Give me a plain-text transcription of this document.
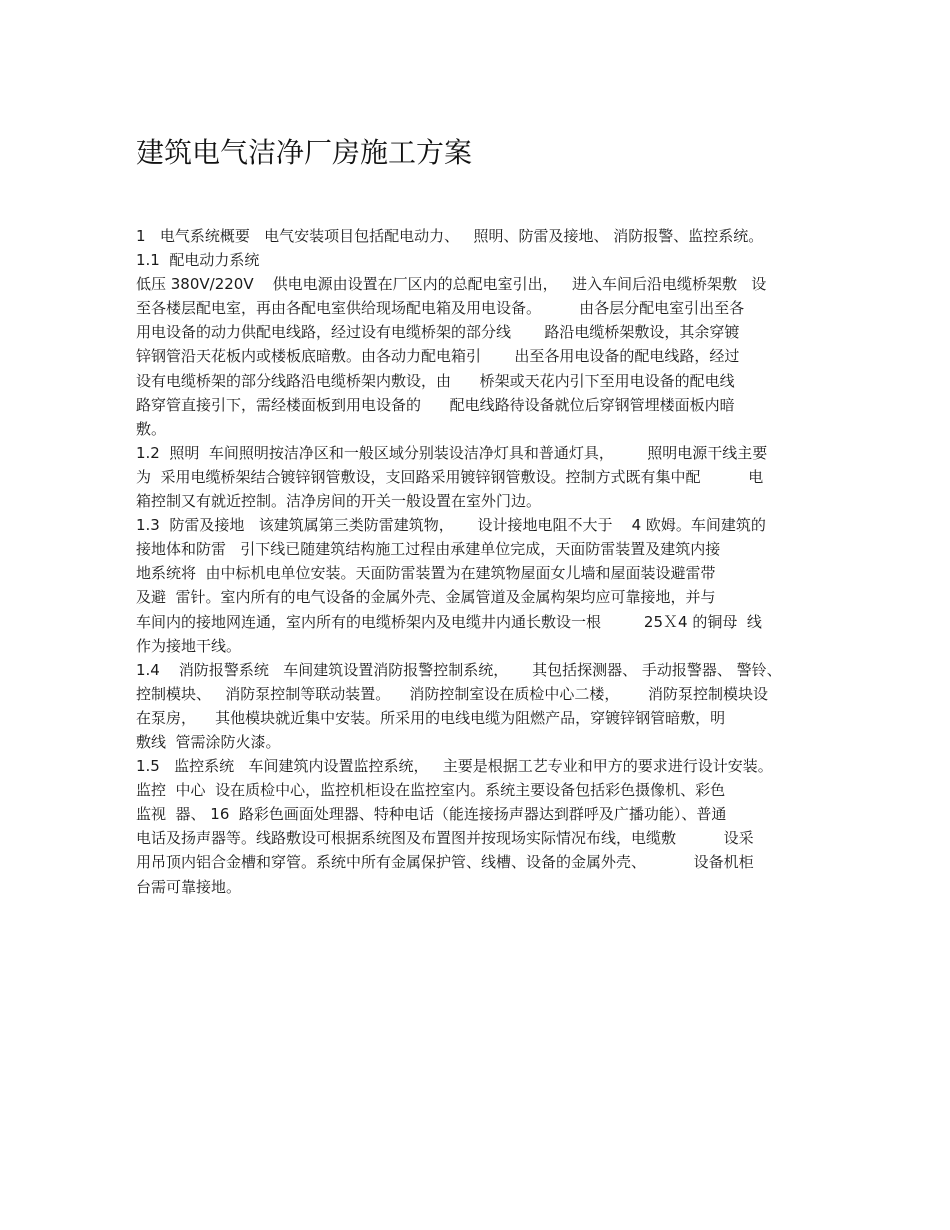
建筑电气洁净厂房施工方案
1   电气系统概要   电气安装项目包括配电动力、   照明、防雷及接地、 消防报警、监控系统。
1.1  配电动力系统
低压 380V/220V    供电电源由设置在厂区内的总配电室引出，   进入车间后沿电缆桥架敷   设
至各楼层配电室，再由各配电室供给现场配电箱及用电设备。        由各层分配电室引出至各
用电设备的动力供配电线路，经过设有电缆桥架的部分线       路沿电缆桥架敷设，其余穿镀
锌钢管沿天花板内或楼板底暗敷。由各动力配电箱引       出至各用电设备的配电线路，经过
设有电缆桥架的部分线路沿电缆桥架内敷设，由      桥架或天花内引下至用电设备的配电线
路穿管直接引下，需经楼面板到用电设备的      配电线路待设备就位后穿钢管埋楼面板内暗
敷。
1.2  照明  车间照明按洁净区和一般区域分别装设洁净灯具和普通灯具，       照明电源干线主要
为  采用电缆桥架结合镀锌钢管敷设，支回路采用镀锌钢管敷设。控制方式既有集中配          电
箱控制又有就近控制。洁净房间的开关一般设置在室外门边。
1.3  防雷及接地   该建筑属第三类防雷建筑物，     设计接地电阻不大于    4 欧姆。车间建筑的
接地体和防雷   引下线已随建筑结构施工过程由承建单位完成，天面防雷装置及建筑内接
地系统将  由中标机电单位安装。天面防雷装置为在建筑物屋面女儿墙和屋面装设避雷带
及避  雷针。室内所有的电气设备的金属外壳、金属管道及金属构架均应可靠接地，并与
车间内的接地网连通，室内所有的电缆桥架内及电缆井内通长敷设一根         25Ｘ4 的铜母  线
作为接地干线。
1.4    消防报警系统   车间建筑设置消防报警控制系统，     其包括探测器、 手动报警器、 警铃、
控制模块、   消防泵控制等联动装置。    消防控制室设在质检中心二楼，      消防泵控制模块设
在泵房，    其他模块就近集中安装。所采用的电线电缆为阻燃产品，穿镀锌钢管暗敷，明
敷线  管需涂防火漆。
1.5   监控系统   车间建筑内设置监控系统，   主要是根据工艺专业和甲方的要求进行设计安装。
监控  中心  设在质检中心，监控机柜设在监控室内。系统主要设备包括彩色摄像机、彩色
监视  器、 16  路彩色画面处理器、特种电话（能连接扬声器达到群呼及广播功能）、普通
电话及扬声器等。线路敷设可根据系统图及布置图并按现场实际情况布线，电缆敷          设采
用吊顶内铝合金槽和穿管。系统中所有金属保护管、线槽、设备的金属外壳、          设备机柜
台需可靠接地。
